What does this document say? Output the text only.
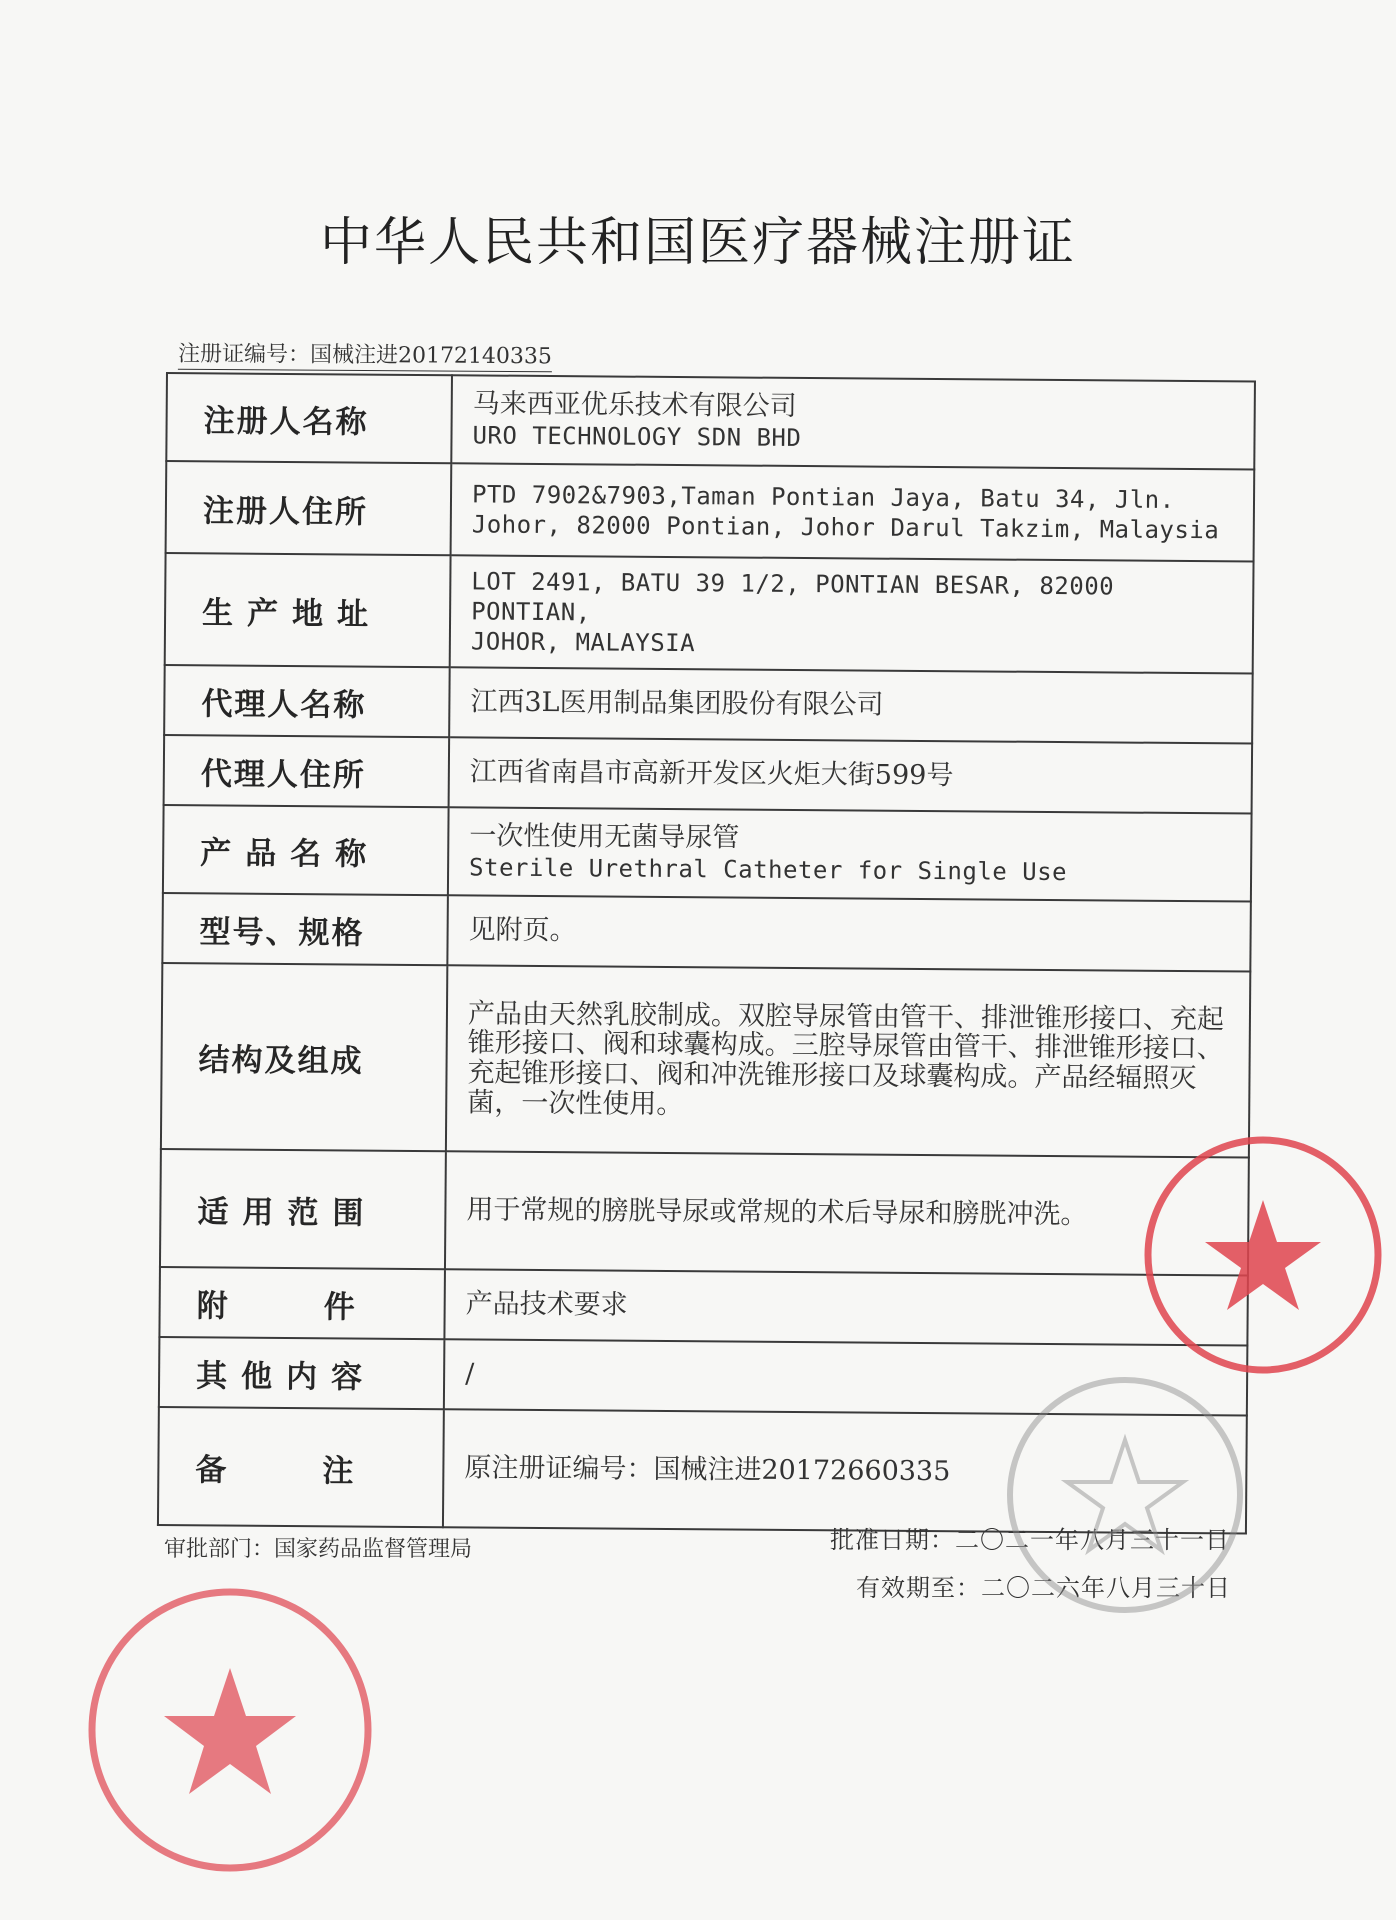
中华人民共和国医疗器械注册证
注册证编号：国械注进20172140335
注册人名称	马来西亚优乐技术有限公司
URO TECHNOLOGY SDN BHD

注册人住所	PTD 7902&7903,Taman Pontian Jaya, Batu 34, Jln.
Johor, 82000 Pontian, Johor Darul Takzim, Malaysia

生产地址	LOT 2491, BATU 39 1/2, PONTIAN BESAR, 82000 PONTIAN,
JOHOR, MALAYSIA

代理人名称	江西3L医用制品集团股份有限公司

代理人住所	江西省南昌市高新开发区火炬大街599号

产品名称	一次性使用无菌导尿管
Sterile Urethral Catheter for Single Use

型号、规格	见附页。

结构及组成	产品由天然乳胶制成。双腔导尿管由管干、排泄锥形接口、充起锥形接口、阀和球囊构成。三腔导尿管由管干、排泄锥形接口、充起锥形接口、阀和冲洗锥形接口及球囊构成。产品经辐照灭菌，一次性使用。

适用范围	用于常规的膀胱导尿或常规的术后导尿和膀胱冲洗。

附件	产品技术要求

其他内容	/

备注	原注册证编号：国械注进20172660335
审批部门：国家药品监督管理局	批准日期：二〇二一年八月三十一日
有效期至：二〇二六年八月三十日
